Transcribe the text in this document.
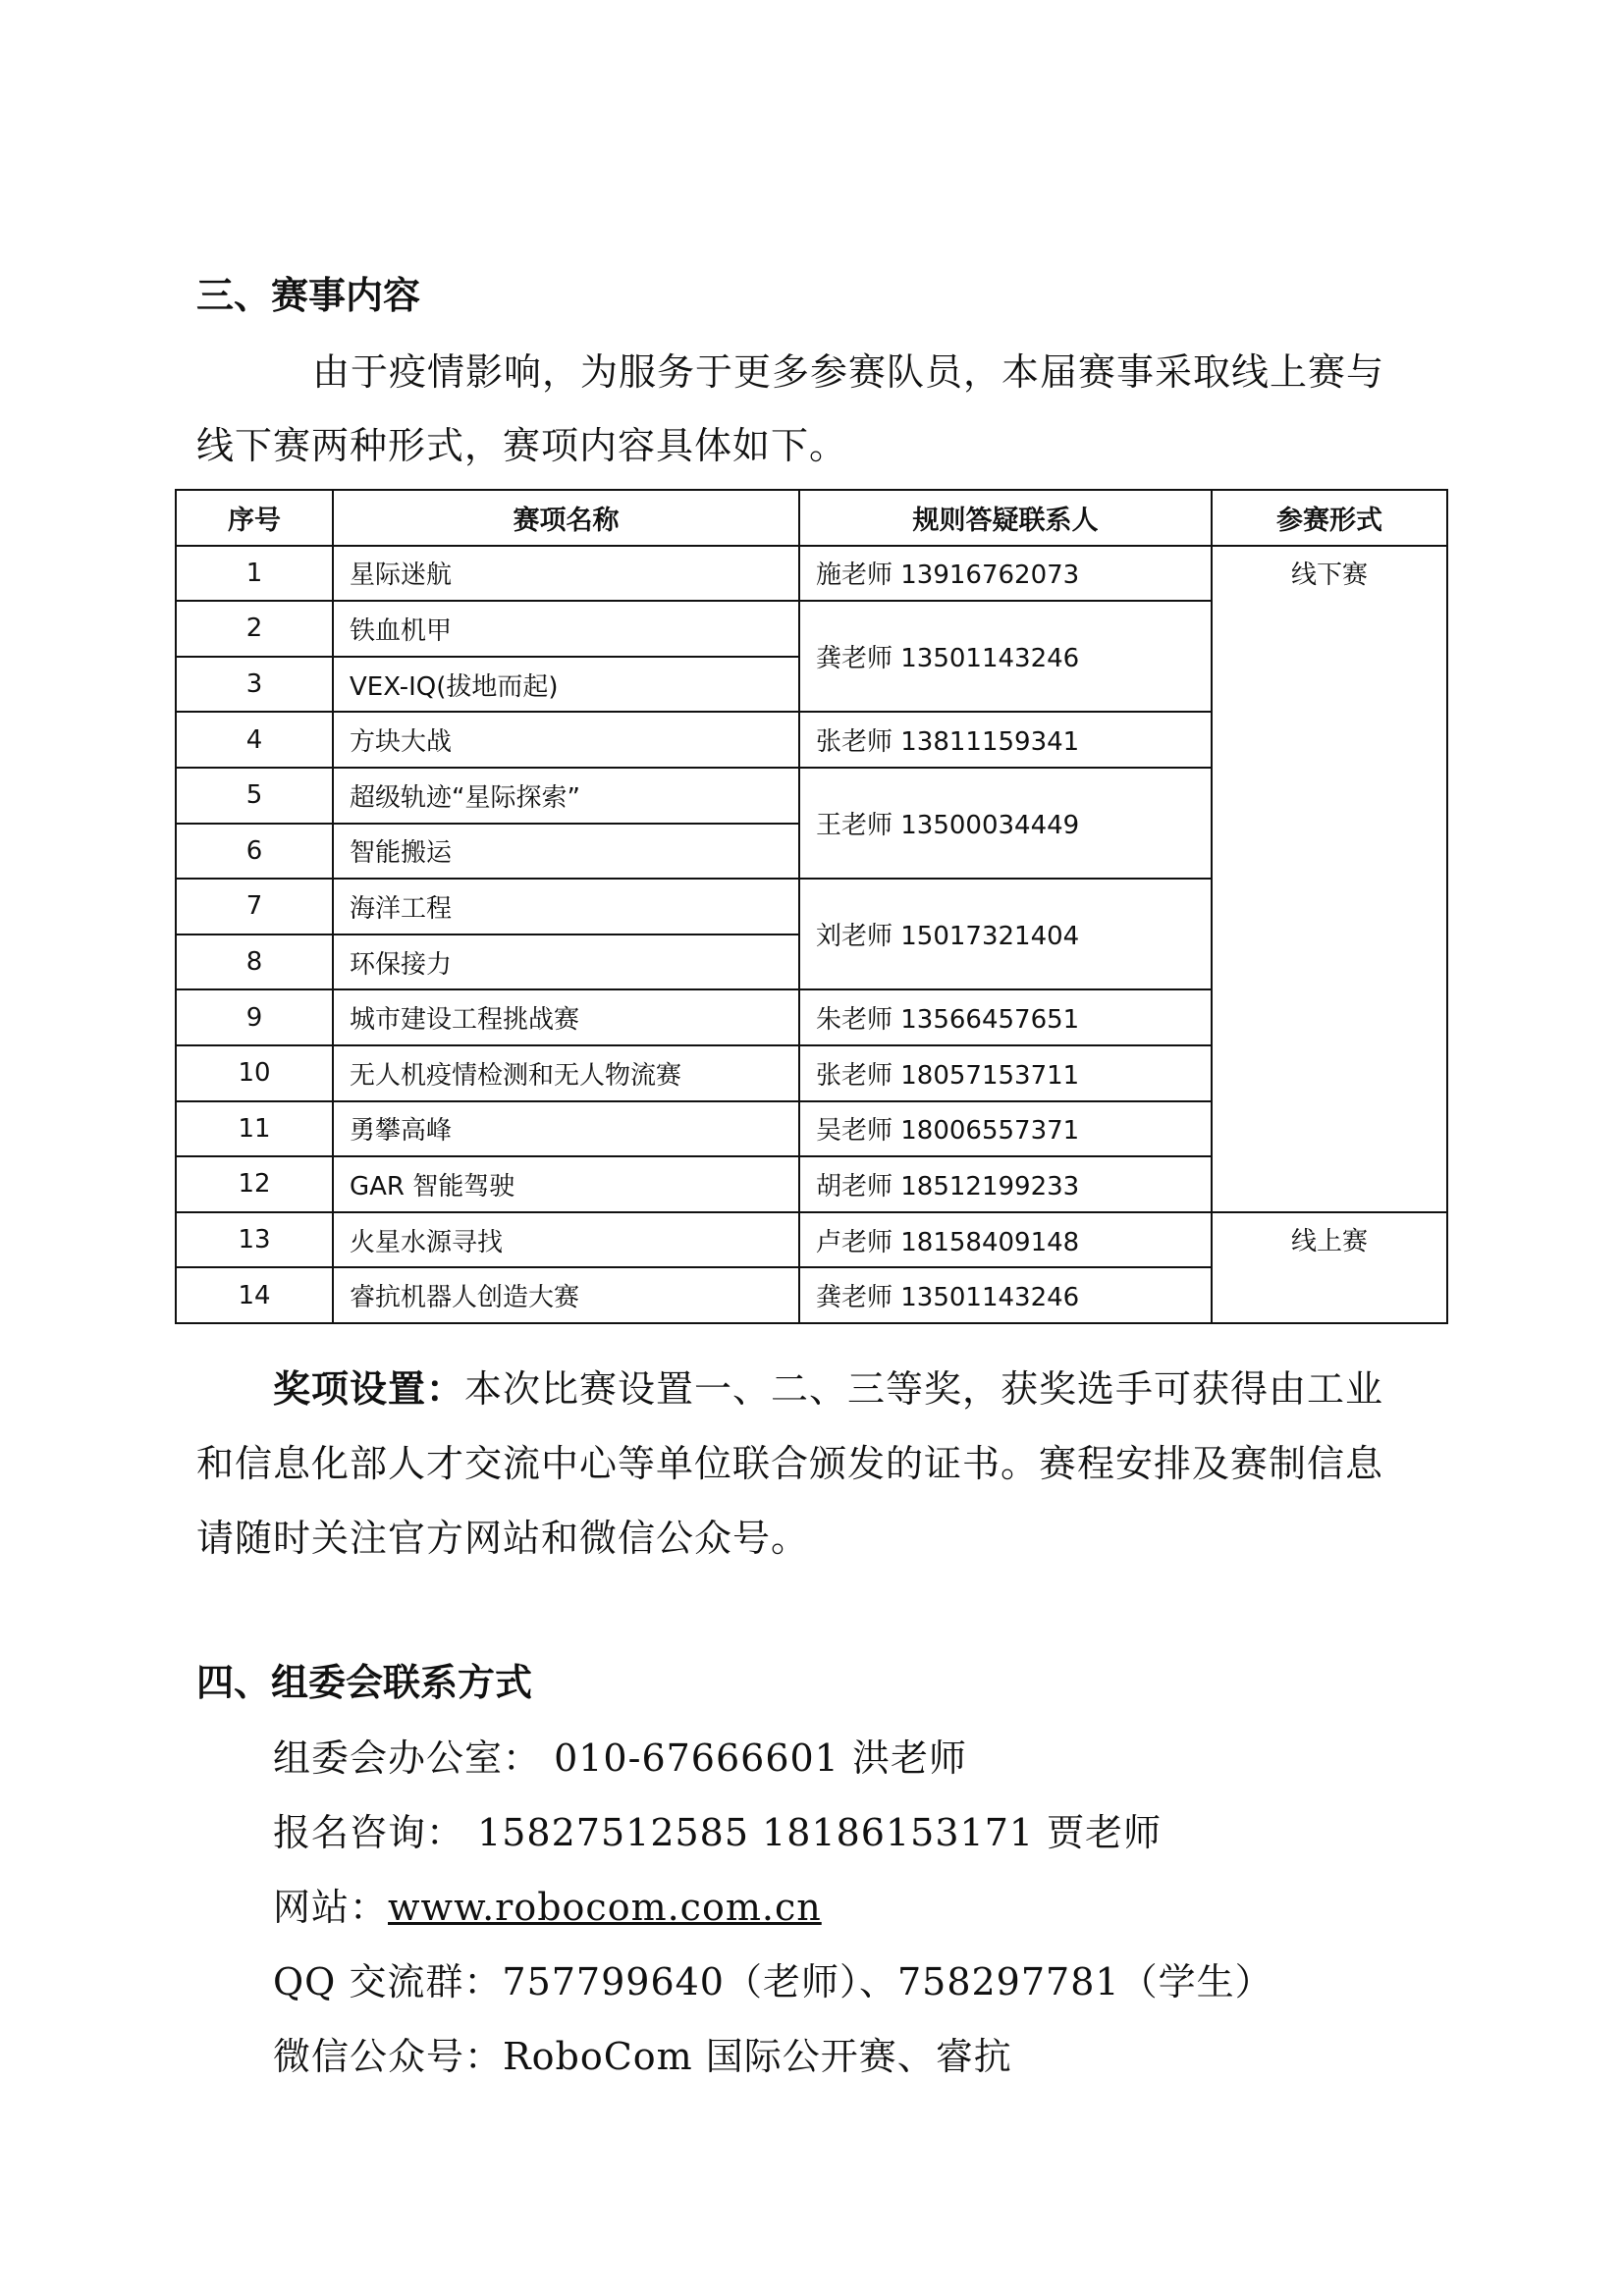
三、赛事内容
由于疫情影响，为服务于更多参赛队员，本届赛事采取线上赛与
线下赛两种形式，赛项内容具体如下。
序号	赛项名称	规则答疑联系人	参赛形式
1	星际迷航	施老师 13916762073	线下赛
2	铁血机甲	龚老师 13501143246	
3	VEX-IQ(拔地而起)		
4	方块大战	张老师 13811159341	
5	超级轨迹“星际探索”	王老师 13500034449	
6	智能搬运		
7	海洋工程	刘老师 15017321404	
8	环保接力		
9	城市建设工程挑战赛	朱老师 13566457651	
10	无人机疫情检测和无人物流赛	张老师 18057153711	
11	勇攀高峰	吴老师 18006557371	
12	GAR 智能驾驶	胡老师 18512199233	
13	火星水源寻找	卢老师 18158409148	线上赛
14	睿抗机器人创造大赛	龚老师 13501143246	
奖项设置：本次比赛设置一、二、三等奖，获奖选手可获得由工业
和信息化部人才交流中心等单位联合颁发的证书。赛程安排及赛制信息
请随时关注官方网站和微信公众号。
四、组委会联系方式
组委会办公室： 010-67666601 洪老师
报名咨询： 15827512585 18186153171 贾老师
网站：www.robocom.com.cn
QQ 交流群：757799640（老师）、758297781（学生）
微信公众号：RoboCom 国际公开赛、睿抗
